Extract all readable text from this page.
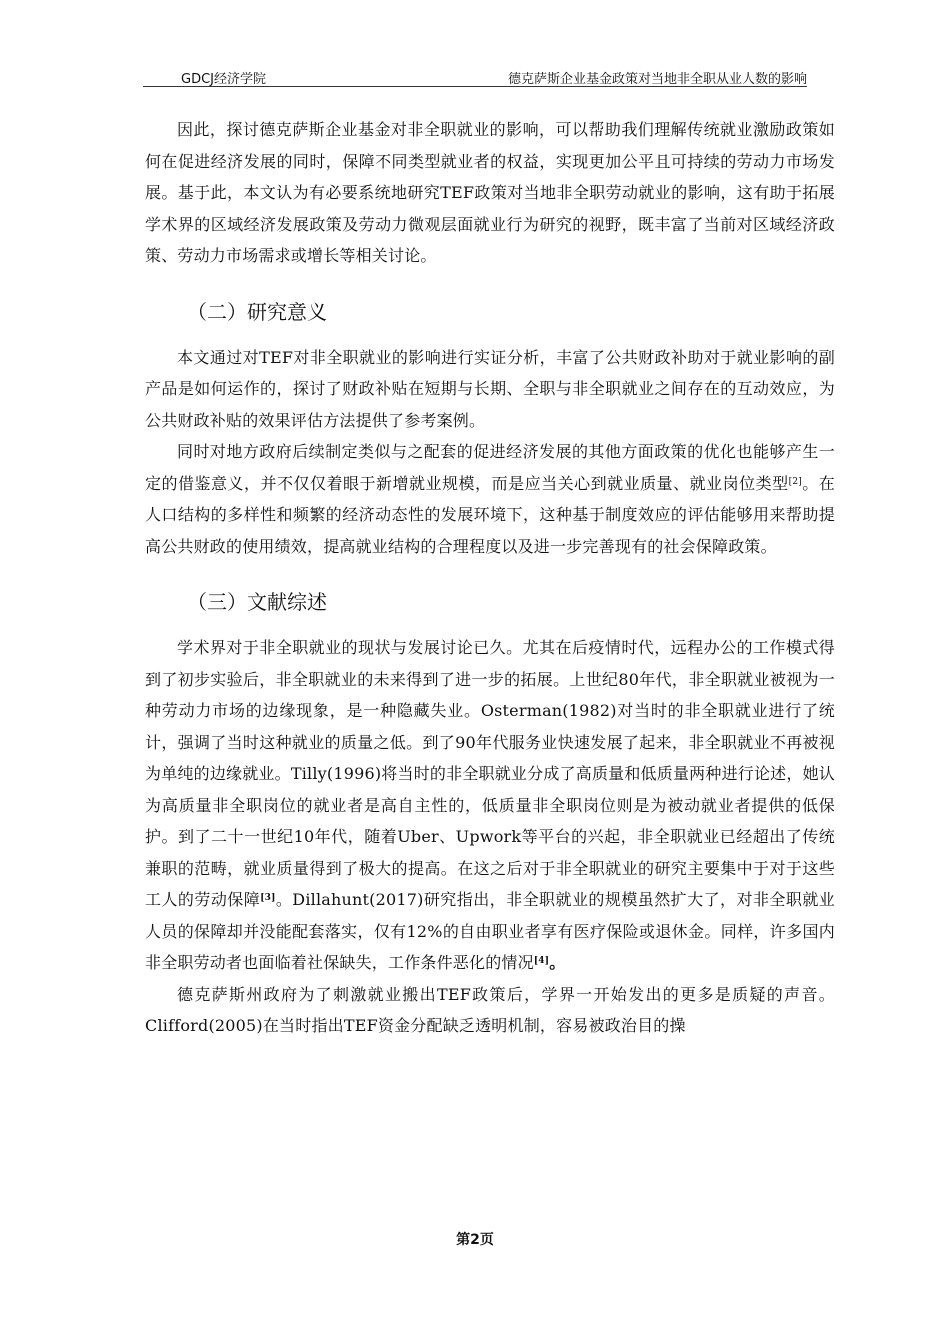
GDCJ经济学院	德克萨斯企业基金政策对当地非全职从业人数的影响

因此，探讨德克萨斯企业基金对非全职就业的影响，可以帮助我们理解传统就业激励政策如何在促进经济发展的同时，保障不同类型就业者的权益，实现更加公平且可持续的劳动力市场发展。基于此，本文认为有必要系统地研究TEF政策对当地非全职劳动就业的影响，这有助于拓展学术界的区域经济发展政策及劳动力微观层面就业行为研究的视野，既丰富了当前对区域经济政策、劳动力市场需求或增长等相关讨论。

（二）研究意义

本文通过对TEF对非全职就业的影响进行实证分析，丰富了公共财政补助对于就业影响的副产品是如何运作的，探讨了财政补贴在短期与长期、全职与非全职就业之间存在的互动效应，为公共财政补贴的效果评估方法提供了参考案例。

同时对地方政府后续制定类似与之配套的促进经济发展的其他方面政策的优化也能够产生一定的借鉴意义，并不仅仅着眼于新增就业规模，而是应当关心到就业质量、就业岗位类型[2]。在人口结构的多样性和频繁的经济动态性的发展环境下，这种基于制度效应的评估能够用来帮助提高公共财政的使用绩效，提高就业结构的合理程度以及进一步完善现有的社会保障政策。

（三）文献综述

学术界对于非全职就业的现状与发展讨论已久。尤其在后疫情时代，远程办公的工作模式得到了初步实验后，非全职就业的未来得到了进一步的拓展。上世纪80年代，非全职就业被视为一种劳动力市场的边缘现象，是一种隐藏失业。Osterman(1982)对当时的非全职就业进行了统计，强调了当时这种就业的质量之低。到了90年代服务业快速发展了起来，非全职就业不再被视为单纯的边缘就业。Tilly(1996)将当时的非全职就业分成了高质量和低质量两种进行论述，她认为高质量非全职岗位的就业者是高自主性的，低质量非全职岗位则是为被动就业者提供的低保护。到了二十一世纪10年代，随着Uber、Upwork等平台的兴起，非全职就业已经超出了传统兼职的范畴，就业质量得到了极大的提高。在这之后对于非全职就业的研究主要集中于对于这些工人的劳动保障[3]。Dillahunt(2017)研究指出，非全职就业的规模虽然扩大了，对非全职就业人员的保障却并没能配套落实，仅有12%的自由职业者享有医疗保险或退休金。同样，许多国内非全职劳动者也面临着社保缺失，工作条件恶化的情况[4]。

德克萨斯州政府为了刺激就业搬出TEF政策后，学界一开始发出的更多是质疑的声音。Clifford(2005)在当时指出TEF资金分配缺乏透明机制，容易被政治目的操

第2页
